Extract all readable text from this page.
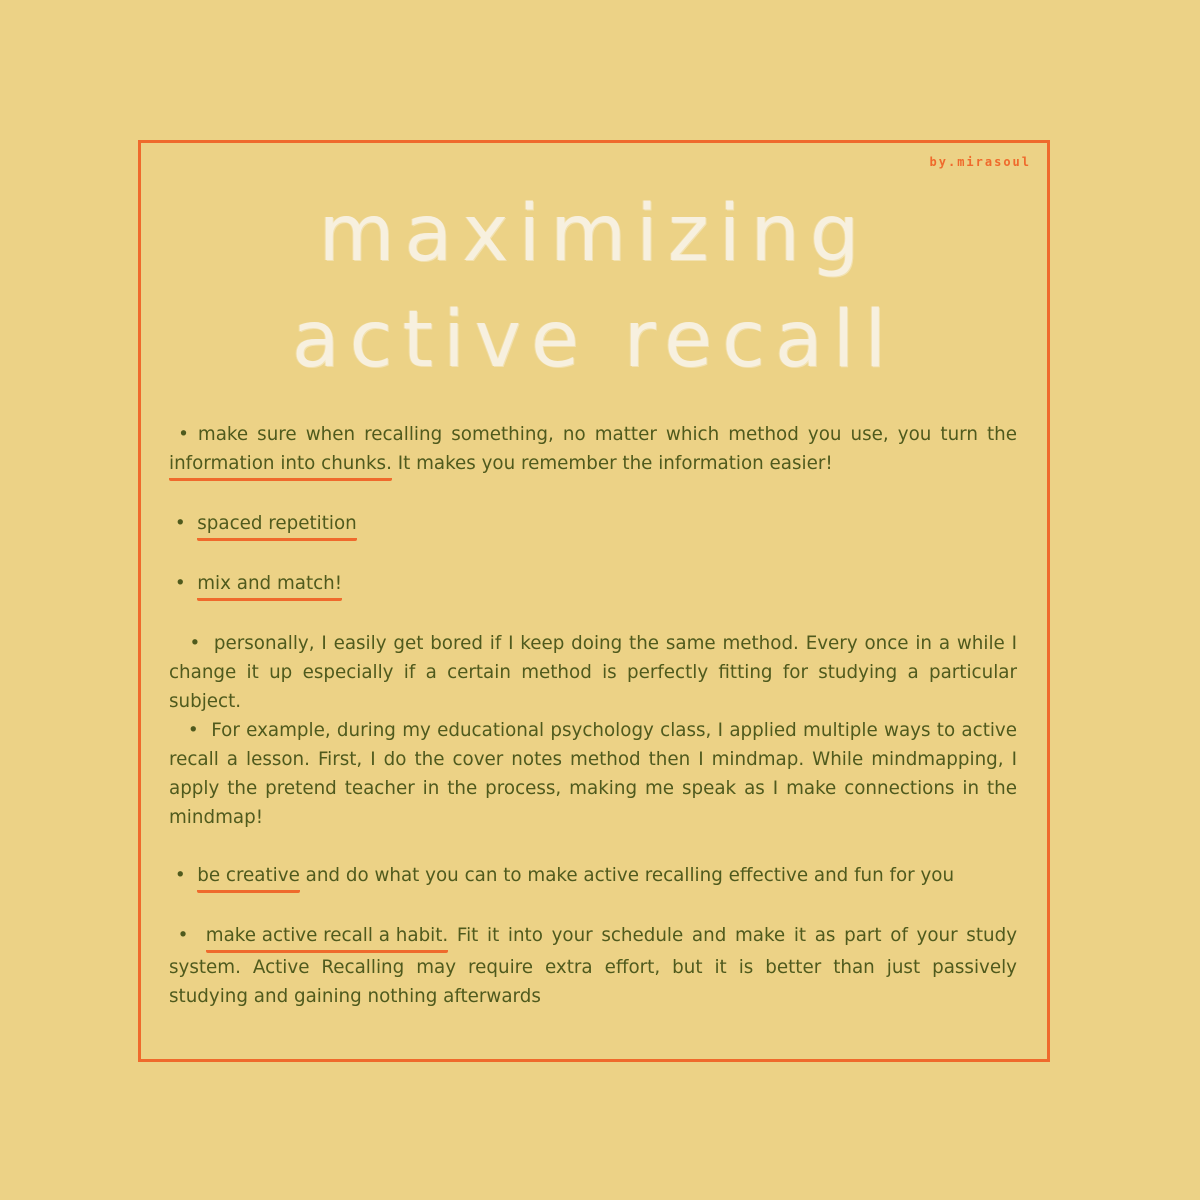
by.mirasoul
maximizing
active recall

• make sure when recalling something, no matter which method you use, you turn the information into chunks. It makes you remember the information easier!

• spaced repetition

• mix and match!

• personally, I easily get bored if I keep doing the same method. Every once in a while I change it up especially if a certain method is perfectly fitting for studying a particular subject.

• For example, during my educational psychology class, I applied multiple ways to active recall a lesson. First, I do the cover notes method then I mindmap. While mindmapping, I apply the pretend teacher in the process, making me speak as I make connections in the mindmap!

• be creative and do what you can to make active recalling effective and fun for you

• make active recall a habit. Fit it into your schedule and make it as part of your study system. Active Recalling may require extra effort, but it is better than just passively studying and gaining nothing afterwards
